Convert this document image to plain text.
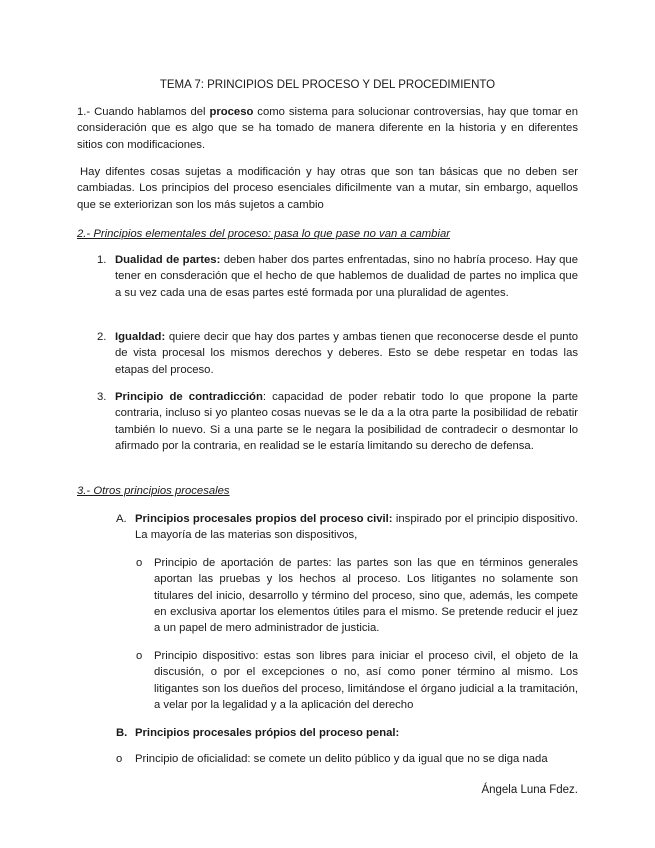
TEMA 7: PRINCIPIOS DEL PROCESO Y DEL PROCEDIMIENTO
1.- Cuando hablamos del proceso como sistema para solucionar controversias, hay que tomar en consideración que es algo que se ha tomado de manera diferente en la historia y en diferentes sitios con modificaciones.
Hay difentes cosas sujetas a modificación y hay otras que son tan básicas que no deben ser cambiadas. Los principios del proceso esenciales dificilmente van a mutar, sin embargo, aquellos que se exteriorizan son los más sujetos a cambio
2.- Principios elementales del proceso: pasa lo que pase no van a cambiar
1. Dualidad de partes: deben haber dos partes enfrentadas, sino no habría proceso. Hay que tener en consderación que el hecho de que hablemos de dualidad de partes no implica que a su vez cada una de esas partes esté formada por una pluralidad de agentes.
2. Igualdad: quiere decir que hay dos partes y ambas tienen que reconocerse desde el punto de vista procesal los mismos derechos y deberes. Esto se debe respetar en todas las etapas del proceso.
3. Principio de contradicción: capacidad de poder rebatir todo lo que propone la parte contraria, incluso si yo planteo cosas nuevas se le da a la otra parte la posibilidad de rebatir también lo nuevo. Si a una parte se le negara la posibilidad de contradecir o desmontar lo afirmado por la contraria, en realidad se le estaría limitando su derecho de defensa.
3.- Otros principios procesales
A. Principios procesales propios del proceso civil: inspirado por el principio dispositivo. La mayoría de las materias son dispositivos,
o Principio de aportación de partes: las partes son las que en términos generales aportan las pruebas y los hechos al proceso. Los litigantes no solamente son titulares del inicio, desarrollo y término del proceso, sino que, además, les compete en exclusiva aportar los elementos útiles para el mismo. Se pretende reducir el juez a un papel de mero administrador de justicia.
o Principio dispositivo: estas son libres para iniciar el proceso civil, el objeto de la discusión, o por el excepciones o no, así como poner término al mismo. Los litigantes son los dueños del proceso, limitándose el órgano judicial a la tramitación, a velar por la legalidad y a la aplicación del derecho
B. Principios procesales própios del proceso penal:
o Principio de oficialidad: se comete un delito público y da igual que no se diga nada
Ángela Luna Fdez.
